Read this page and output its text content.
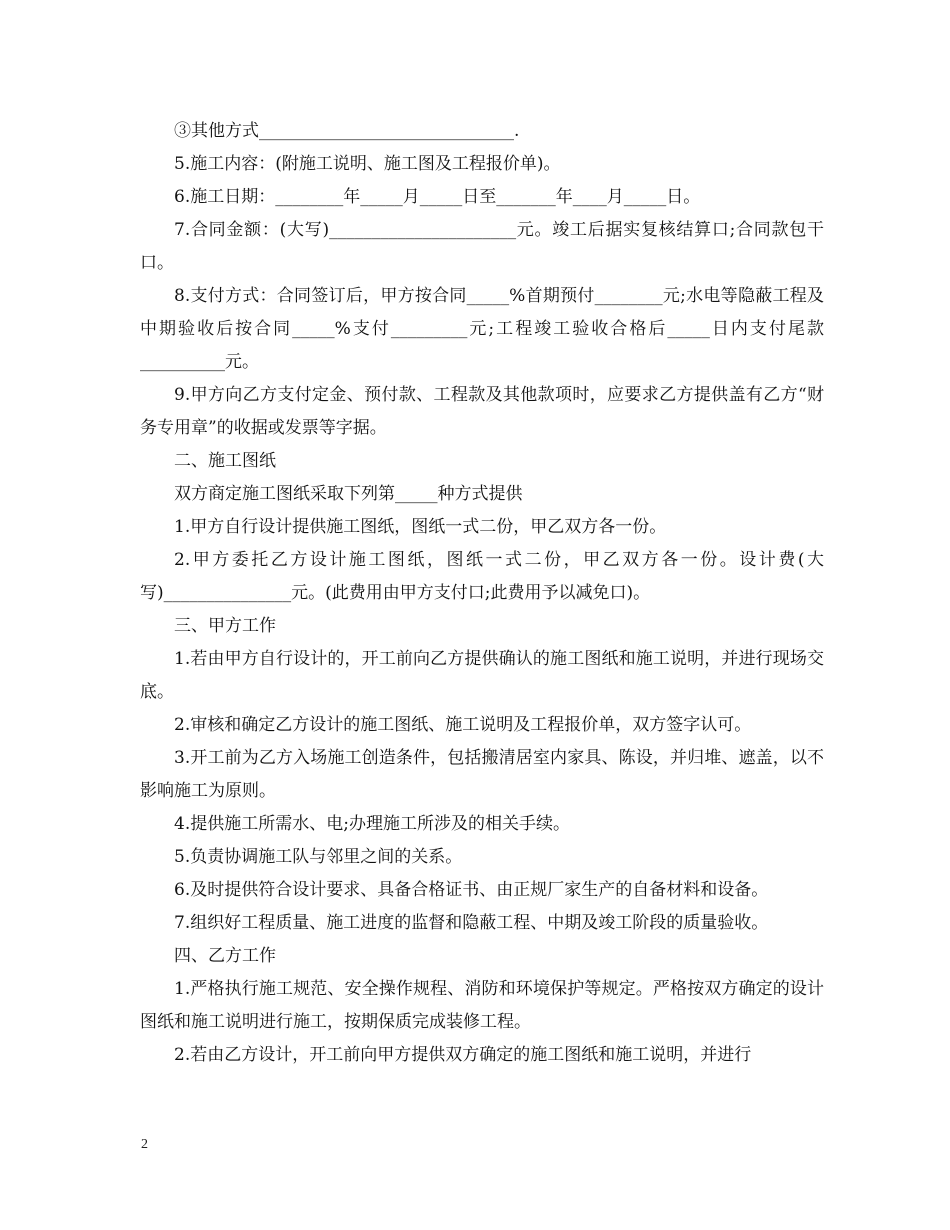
③其他方式______________________________.

5.施工内容：(附施工说明、施工图及工程报价单)。

6.施工日期：________年_____月_____日至_______年____月_____日。

7.合同金额：(大写)______________________元。竣工后据实复核结算口;合同款包干口。

8.支付方式：合同签订后，甲方按合同_____%首期预付________元;水电等隐蔽工程及中期验收后按合同_____%支付_________元;工程竣工验收合格后_____日内支付尾款__________元。

9.甲方向乙方支付定金、预付款、工程款及其他款项时，应要求乙方提供盖有乙方“财务专用章”的收据或发票等字据。

二、施工图纸

双方商定施工图纸采取下列第_____种方式提供

1.甲方自行设计提供施工图纸，图纸一式二份，甲乙双方各一份。

2.甲方委托乙方设计施工图纸，图纸一式二份，甲乙双方各一份。设计费(大写)_______________元。(此费用由甲方支付口;此费用予以减免口)。

三、甲方工作

1.若由甲方自行设计的，开工前向乙方提供确认的施工图纸和施工说明，并进行现场交底。

2.审核和确定乙方设计的施工图纸、施工说明及工程报价单，双方签字认可。

3.开工前为乙方入场施工创造条件，包括搬清居室内家具、陈设，并归堆、遮盖，以不影响施工为原则。

4.提供施工所需水、电;办理施工所涉及的相关手续。

5.负责协调施工队与邻里之间的关系。

6.及时提供符合设计要求、具备合格证书、由正规厂家生产的自备材料和设备。

7.组织好工程质量、施工进度的监督和隐蔽工程、中期及竣工阶段的质量验收。

四、乙方工作

1.严格执行施工规范、安全操作规程、消防和环境保护等规定。严格按双方确定的设计图纸和施工说明进行施工，按期保质完成装修工程。

2.若由乙方设计，开工前向甲方提供双方确定的施工图纸和施工说明，并进行

2
